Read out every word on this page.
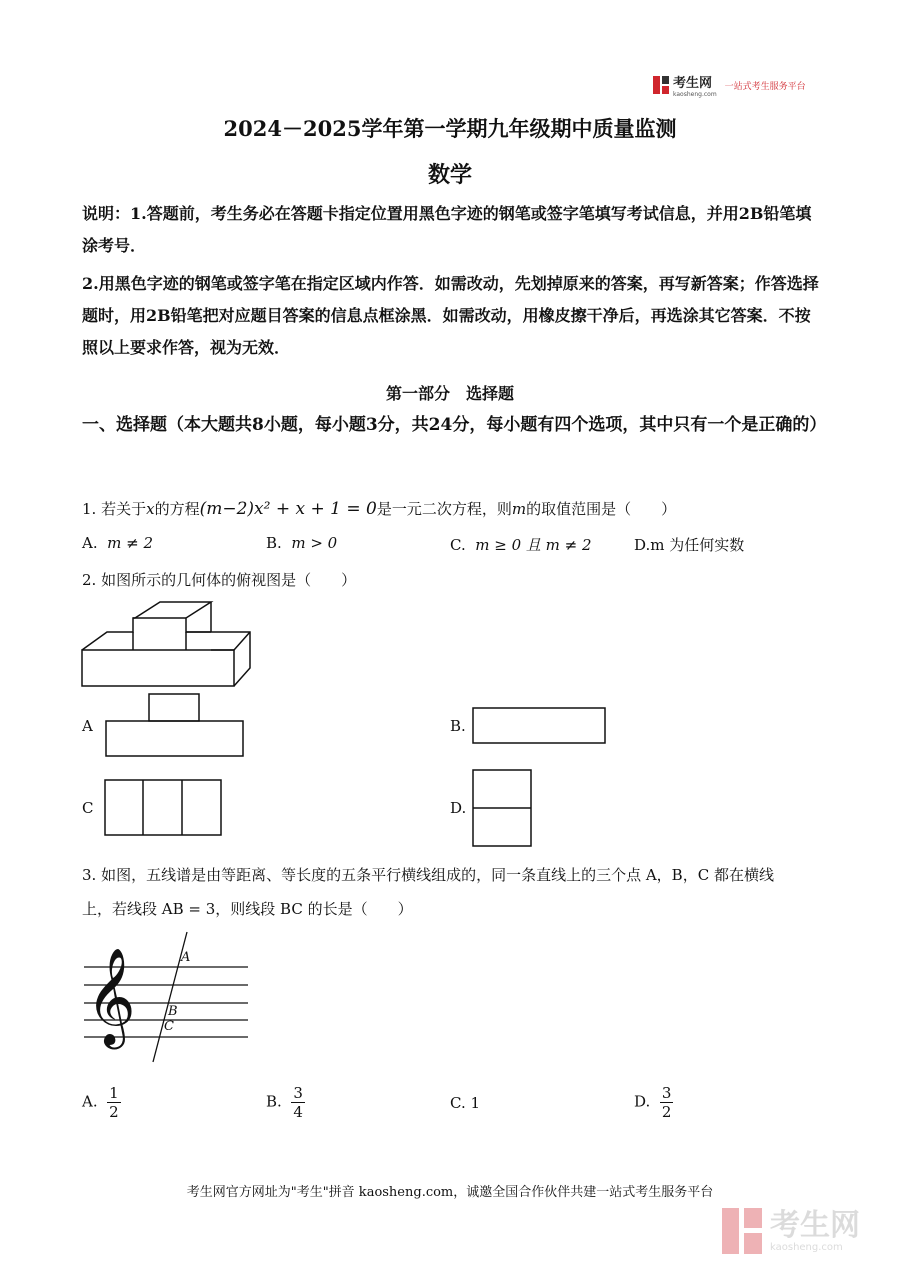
考生网
kaosheng.com
一站式考生服务平台
2024－2025学年第一学期九年级期中质量监测
数学

说明：1.答题前，考生务必在答题卡指定位置用黑色字迹的钢笔或签字笔填写考试信息，并用2B铅笔填涂考号．

2.用黑色字迹的钢笔或签字笔在指定区域内作答．如需改动，先划掉原来的答案，再写新答案；作答选择题时，用2B铅笔把对应题目答案的信息点框涂黑．如需改动，用橡皮擦干净后，再选涂其它答案．不按照以上要求作答，视为无效．

第一部分　选择题
一、选择题（本大题共8小题，每小题3分，共24分，每小题有四个选项，其中只有一个是正确的）
1. 若关于x的方程(m−2)x² + x + 1 = 0是一元二次方程，则m的取值范围是（　　）
A. m ≠ 2	B. m > 0	C. m ≥ 0 且 m ≠ 2	D.m 为任何实数
2. 如图所示的几何体的俯视图是（　　）
A	B.
C	D.
3. 如图，五线谱是由等距离、等长度的五条平行横线组成的，同一条直线上的三个点 A，B，C 都在横线
上，若线段 AB = 3，则线段 BC 的长是（　　）
𝄞	A
B
C
A. $\frac{1}{2}$	B. $\frac{3}{4}$	C. 1	D. $\frac{3}{2}$
考生网官方网址为"考生"拼音 kaosheng.com，诚邀全国合作伙伴共建一站式考生服务平台
考生网
kaosheng.com
